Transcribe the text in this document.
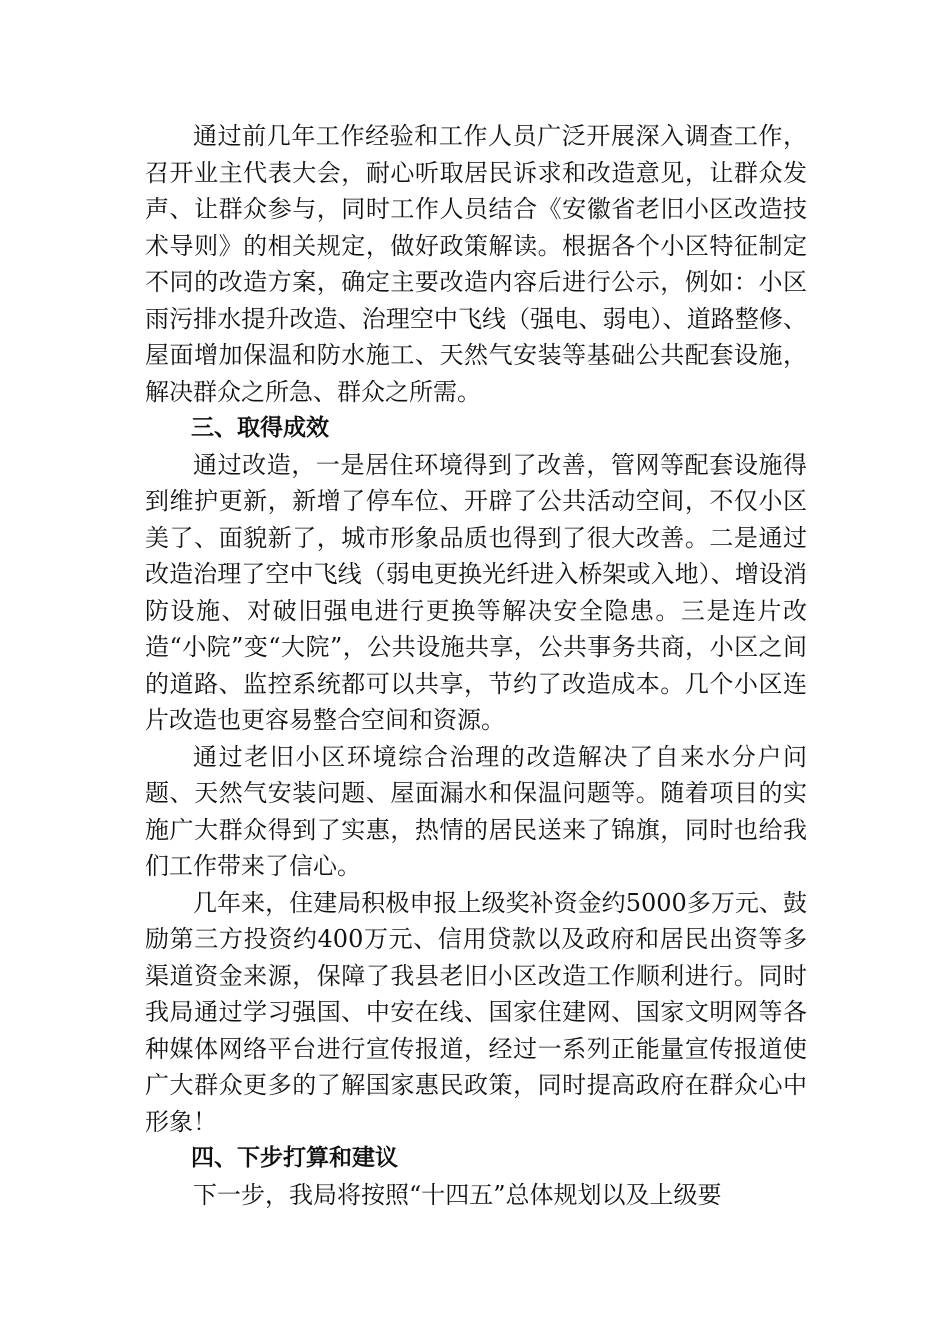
通过前几年工作经验和工作人员广泛开展深入调查工作，召开业主代表大会，耐心听取居民诉求和改造意见，让群众发声、让群众参与，同时工作人员结合《安徽省老旧小区改造技术导则》的相关规定，做好政策解读。根据各个小区特征制定不同的改造方案，确定主要改造内容后进行公示，例如：小区雨污排水提升改造、治理空中飞线（强电、弱电）、道路整修、屋面增加保温和防水施工、天然气安装等基础公共配套设施，解决群众之所急、群众之所需。

三、取得成效

通过改造，一是居住环境得到了改善，管网等配套设施得到维护更新，新增了停车位、开辟了公共活动空间，不仅小区美了、面貌新了，城市形象品质也得到了很大改善。二是通过改造治理了空中飞线（弱电更换光纤进入桥架或入地）、增设消防设施、对破旧强电进行更换等解决安全隐患。三是连片改造“小院”变“大院”，公共设施共享，公共事务共商，小区之间的道路、监控系统都可以共享，节约了改造成本。几个小区连片改造也更容易整合空间和资源。

通过老旧小区环境综合治理的改造解决了自来水分户问题、天然气安装问题、屋面漏水和保温问题等。随着项目的实施广大群众得到了实惠，热情的居民送来了锦旗，同时也给我们工作带来了信心。

几年来，住建局积极申报上级奖补资金约5000多万元、鼓励第三方投资约400万元、信用贷款以及政府和居民出资等多渠道资金来源，保障了我县老旧小区改造工作顺利进行。同时我局通过学习强国、中安在线、国家住建网、国家文明网等各种媒体网络平台进行宣传报道，经过一系列正能量宣传报道使广大群众更多的了解国家惠民政策，同时提高政府在群众心中形象！

四、下步打算和建议

下一步，我局将按照“十四五”总体规划以及上级要
